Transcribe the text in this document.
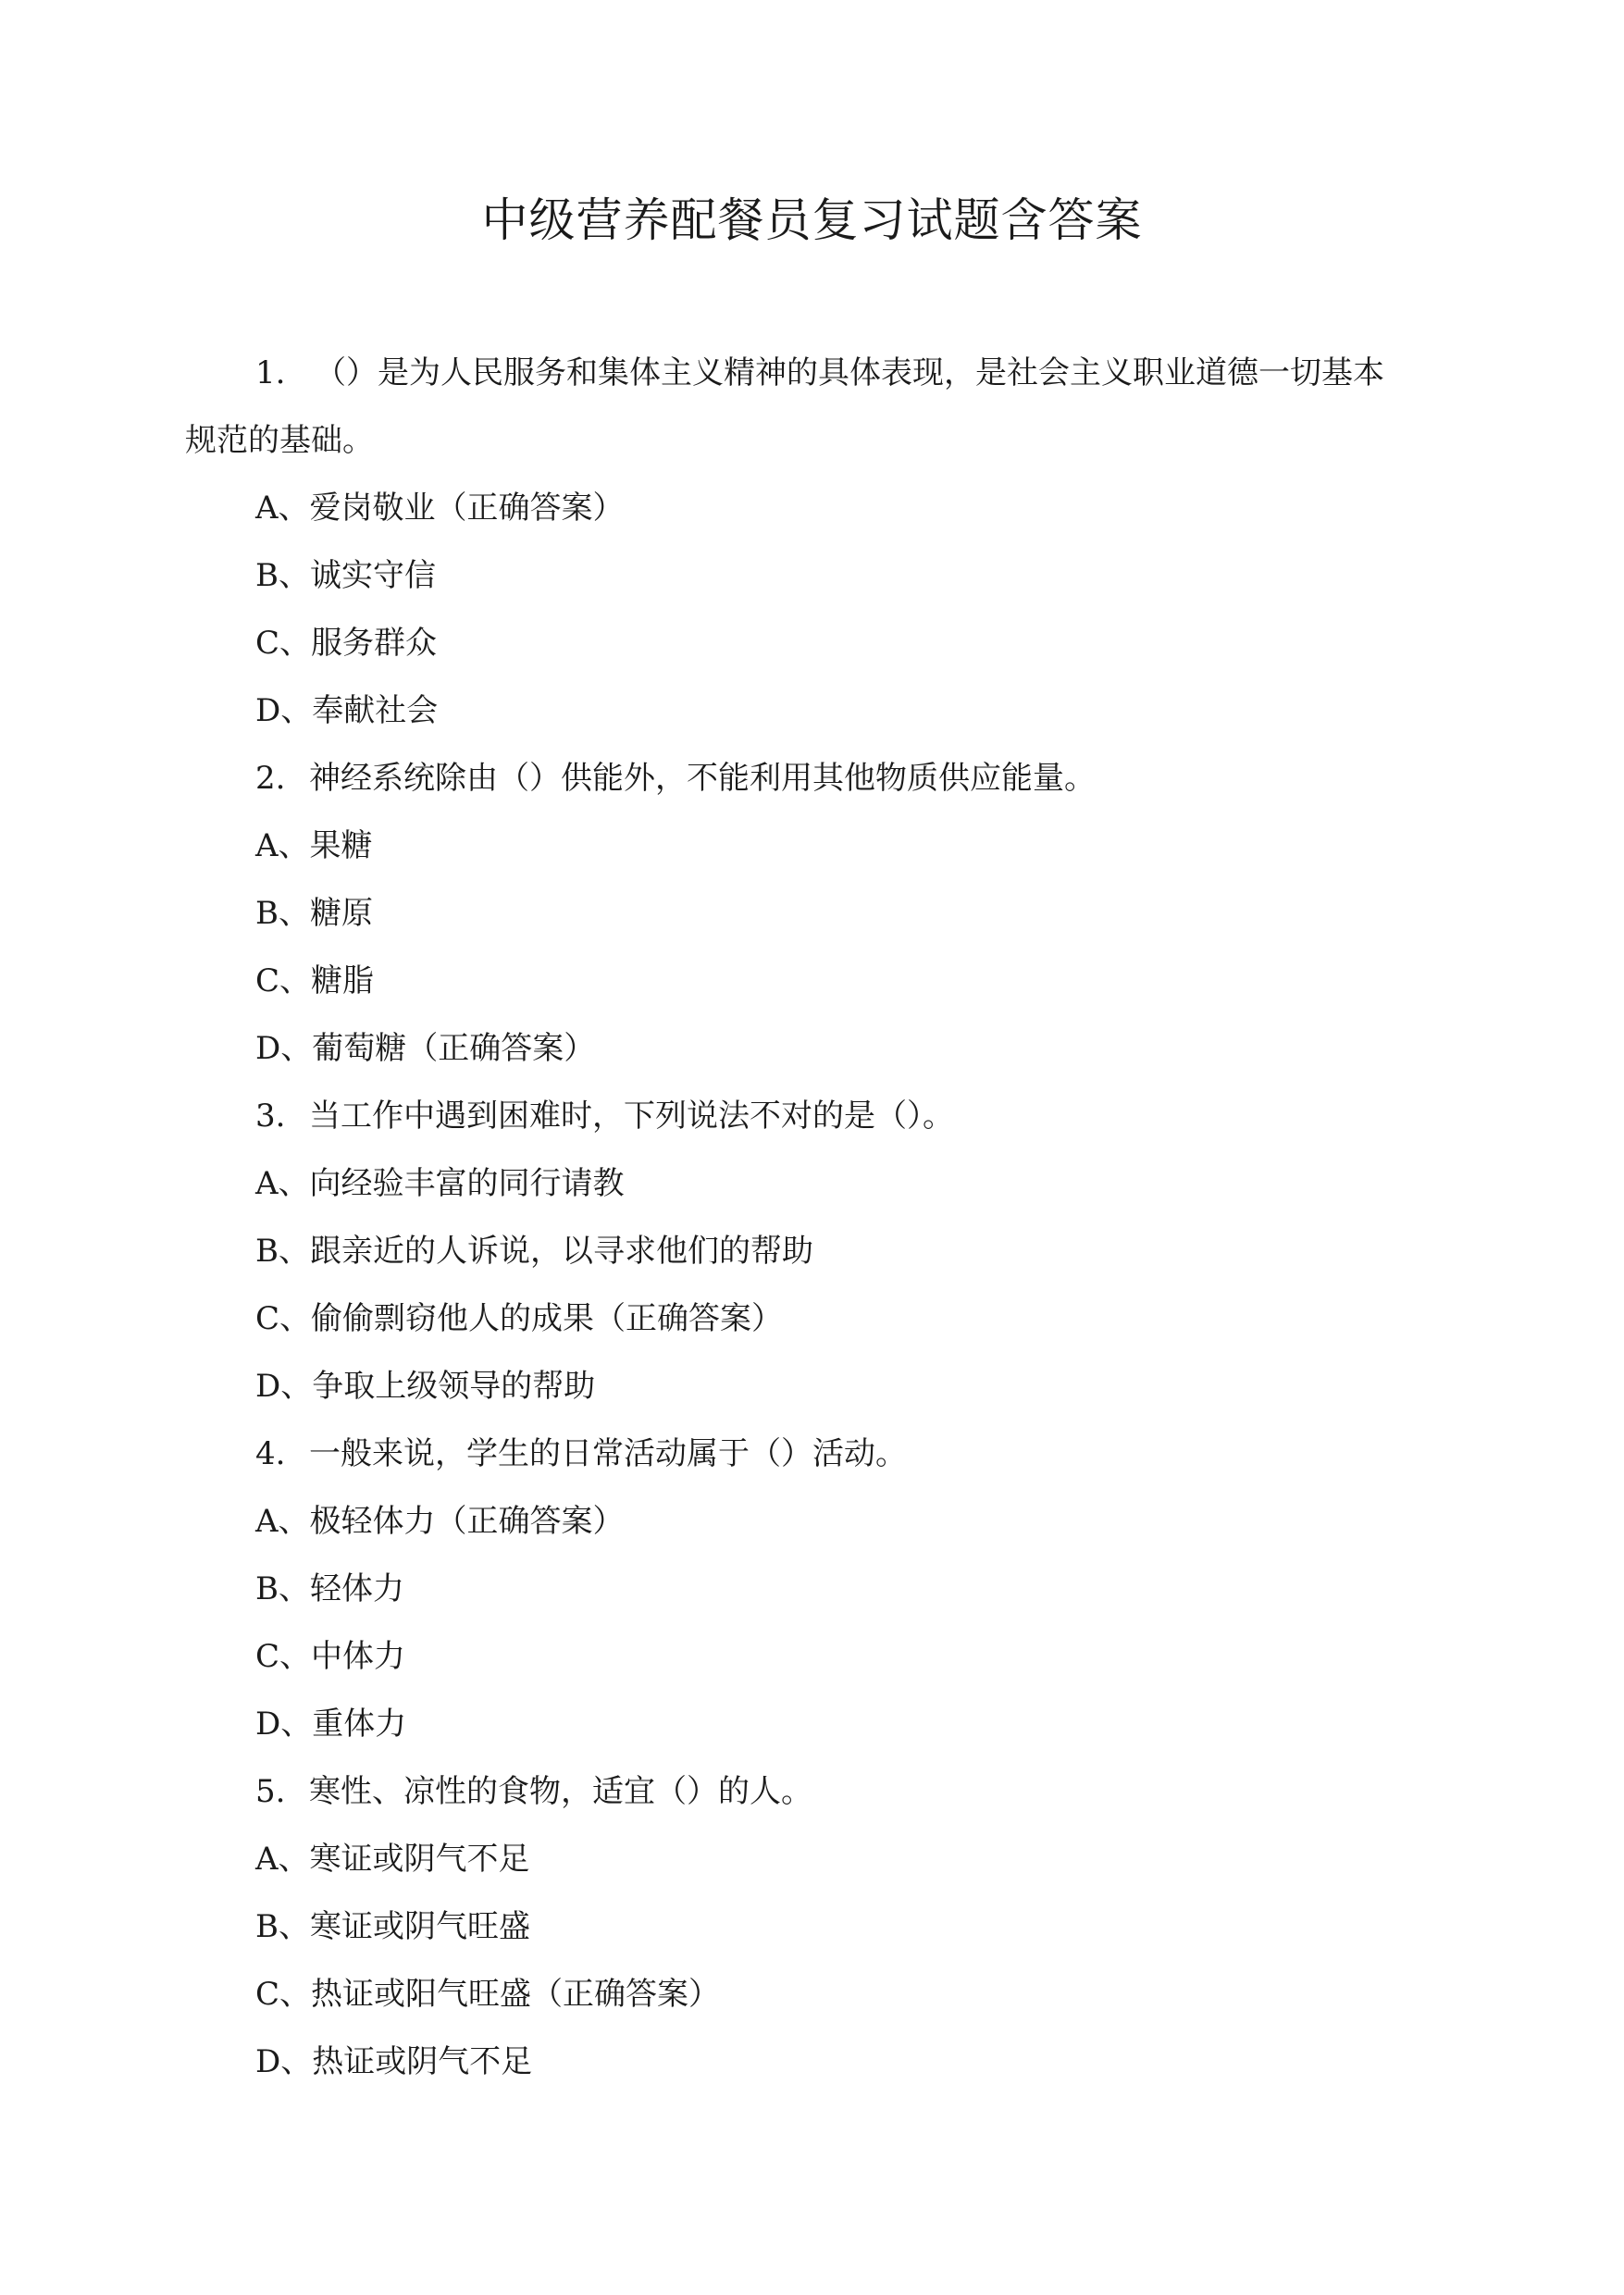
中级营养配餐员复习试题含答案

1. （）是为人民服务和集体主义精神的具体表现，是社会主义职业道德一切基本

规范的基础。

A、爱岗敬业（正确答案）

B、诚实守信

C、服务群众

D、奉献社会

2. 神经系统除由（）供能外，不能利用其他物质供应能量。

A、果糖

B、糖原

C、糖脂

D、葡萄糖（正确答案）

3. 当工作中遇到困难时，下列说法不对的是（）。

A、向经验丰富的同行请教

B、跟亲近的人诉说，以寻求他们的帮助

C、偷偷剽窃他人的成果（正确答案）

D、争取上级领导的帮助

4. 一般来说，学生的日常活动属于（）活动。

A、极轻体力（正确答案）

B、轻体力

C、中体力

D、重体力

5. 寒性、凉性的食物，适宜（）的人。

A、寒证或阴气不足

B、寒证或阴气旺盛

C、热证或阳气旺盛（正确答案）

D、热证或阴气不足
